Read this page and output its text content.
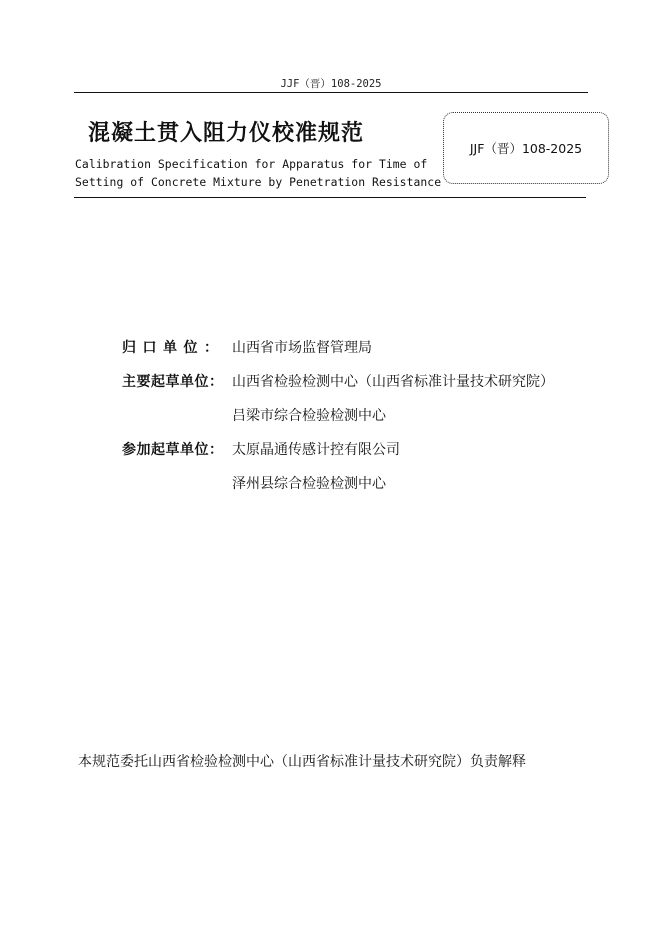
JJF（晋）108-2025
混凝土贯入阻力仪校准规范
Calibration Specification for Apparatus for Time of
Setting of Concrete Mixture by Penetration Resistance
JJF（晋）108-2025
归口单位： 山西省市场监督管理局
主要起草单位： 山西省检验检测中心（山西省标准计量技术研究院）
吕梁市综合检验检测中心
参加起草单位： 太原晶通传感计控有限公司
泽州县综合检验检测中心
本规范委托山西省检验检测中心（山西省标准计量技术研究院）负责解释
